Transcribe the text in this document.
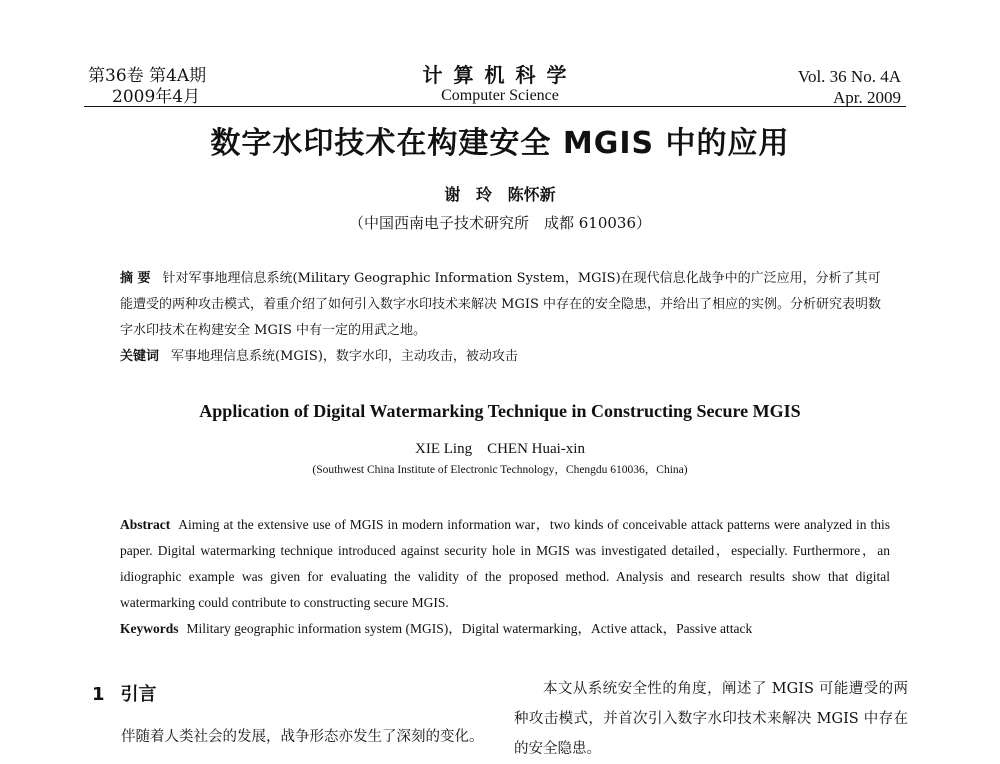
第36卷 第4A期
2009年4月
计算机科学
Computer Science
Vol. 36 No. 4A
Apr. 2009
数字水印技术在构建安全 MGIS 中的应用
谢 玲 陈怀新
（中国西南电子技术研究所　成都 610036）
摘 要 针对军事地理信息系统(Military Geographic Information System，MGIS)在现代信息化战争中的广泛应用，分析了其可能遭受的两种攻击模式，着重介绍了如何引入数字水印技术来解决 MGIS 中存在的安全隐患，并给出了相应的实例。分析研究表明数字水印技术在构建安全 MGIS 中有一定的用武之地。
关键词 军事地理信息系统(MGIS)，数字水印，主动攻击，被动攻击
Application of Digital Watermarking Technique in Constructing Secure MGIS
XIE Ling　CHEN Huai-xin
(Southwest China Institute of Electronic Technology，Chengdu 610036，China)
Abstract Aiming at the extensive use of MGIS in modern information war，two kinds of conceivable attack patterns were analyzed in this paper. Digital watermarking technique introduced against security hole in MGIS was investigated detailed，especially. Furthermore，an idiographic example was given for evaluating the validity of the proposed method. Analysis and research results show that digital watermarking could contribute to constructing secure MGIS.
Keywords Military geographic information system (MGIS)，Digital watermarking，Active attack，Passive attack
1 引言
伴随着人类社会的发展，战争形态亦发生了深刻的变化。
本文从系统安全性的角度，阐述了 MGIS 可能遭受的两种攻击模式，并首次引入数字水印技术来解决 MGIS 中存在的安全隐患。
